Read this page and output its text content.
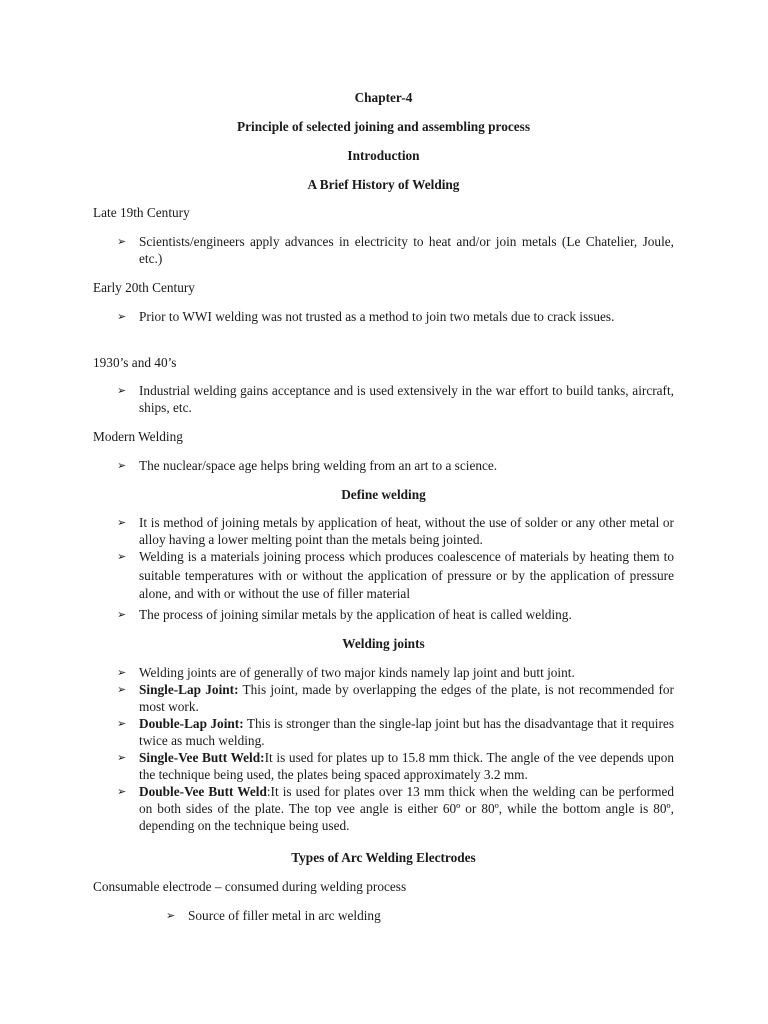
Chapter-4

Principle of selected joining and assembling process

Introduction

A Brief History of Welding

Late 19th Century

➢ Scientists/engineers apply advances in electricity to heat and/or join metals (Le Chatelier, Joule, etc.)

Early 20th Century

➢ Prior to WWI welding was not trusted as a method to join two metals due to crack issues.

1930’s and 40’s

➢ Industrial welding gains acceptance and is used extensively in the war effort to build tanks, aircraft, ships, etc.

Modern Welding

➢ The nuclear/space age helps bring welding from an art to a science.

Define welding

➢ It is method of joining metals by application of heat, without the use of solder or any other metal or alloy having a lower melting point than the metals being jointed.
➢ Welding is a materials joining process which produces coalescence of materials by heating them to suitable temperatures with or without the application of pressure or by the application of pressure alone, and with or without the use of filler material
➢ The process of joining similar metals by the application of heat is called welding.

Welding joints

➢ Welding joints are of generally of two major kinds namely lap joint and butt joint.
➢ Single-Lap Joint: This joint, made by overlapping the edges of the plate, is not recommended for most work.
➢ Double-Lap Joint: This is stronger than the single-lap joint but has the disadvantage that it requires twice as much welding.
➢ Single-Vee Butt Weld:It is used for plates up to 15.8 mm thick. The angle of the vee depends upon the technique being used, the plates being spaced approximately 3.2 mm.
➢ Double-Vee Butt Weld:It is used for plates over 13 mm thick when the welding can be performed on both sides of the plate. The top vee angle is either 60º or 80º, while the bottom angle is 80º, depending on the technique being used.

Types of Arc Welding Electrodes

Consumable electrode – consumed during welding process

➢ Source of filler metal in arc welding
